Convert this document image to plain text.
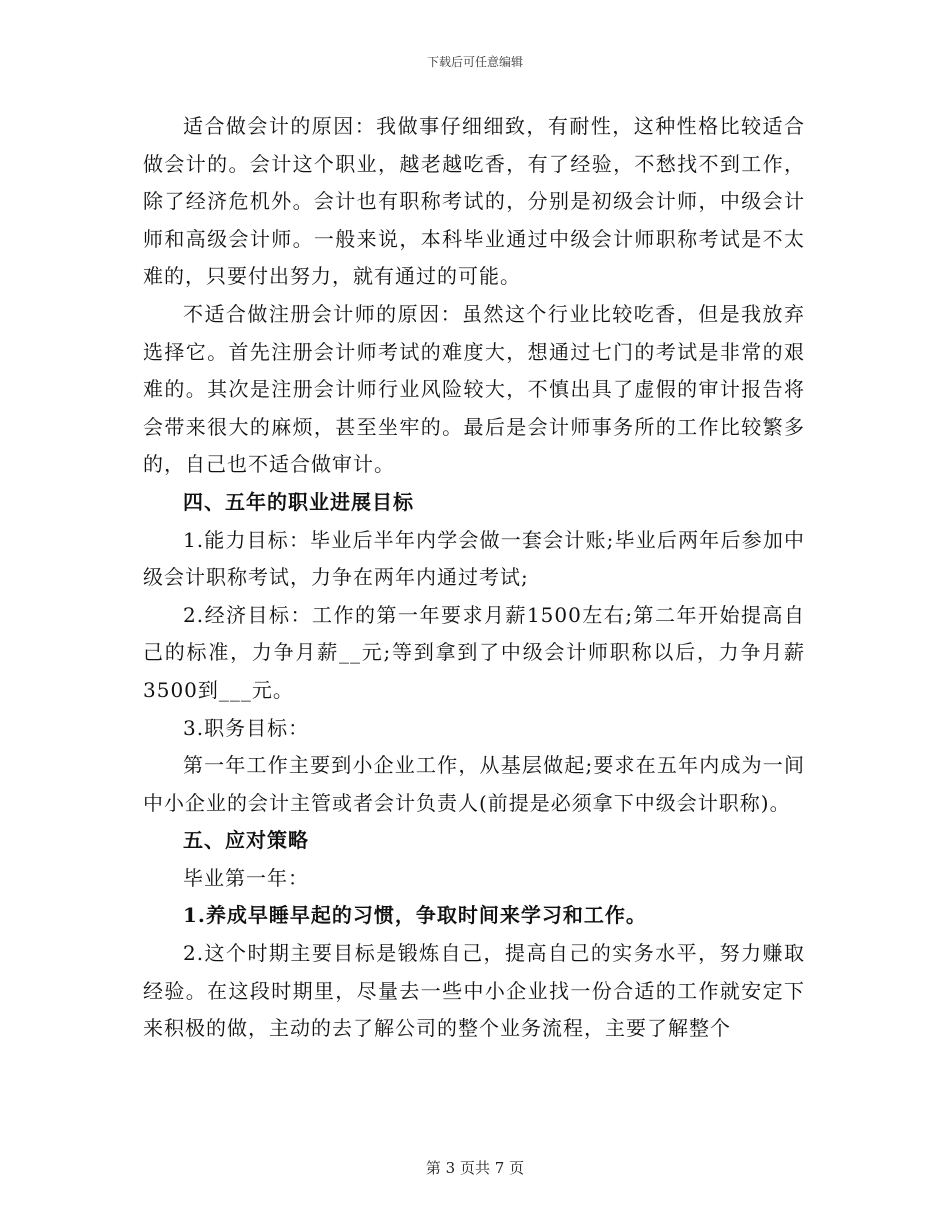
下载后可任意编辑

适合做会计的原因：我做事仔细细致，有耐性，这种性格比较适合做会计的。会计这个职业，越老越吃香，有了经验，不愁找不到工作，除了经济危机外。会计也有职称考试的，分别是初级会计师，中级会计师和高级会计师。一般来说，本科毕业通过中级会计师职称考试是不太难的，只要付出努力，就有通过的可能。

不适合做注册会计师的原因：虽然这个行业比较吃香，但是我放弃选择它。首先注册会计师考试的难度大，想通过七门的考试是非常的艰难的。其次是注册会计师行业风险较大，不慎出具了虚假的审计报告将会带来很大的麻烦，甚至坐牢的。最后是会计师事务所的工作比较繁多的，自己也不适合做审计。

四、五年的职业进展目标

1.能力目标：毕业后半年内学会做一套会计账;毕业后两年后参加中级会计职称考试，力争在两年内通过考试;

2.经济目标：工作的第一年要求月薪1500左右;第二年开始提高自己的标准，力争月薪__元;等到拿到了中级会计师职称以后，力争月薪3500到___元。

3.职务目标：

第一年工作主要到小企业工作，从基层做起;要求在五年内成为一间中小企业的会计主管或者会计负责人(前提是必须拿下中级会计职称)。

五、应对策略

毕业第一年：

1.养成早睡早起的习惯，争取时间来学习和工作。

2.这个时期主要目标是锻炼自己，提高自己的实务水平，努力赚取经验。在这段时期里，尽量去一些中小企业找一份合适的工作就安定下来积极的做，主动的去了解公司的整个业务流程，主要了解整个

第 3 页共 7 页
